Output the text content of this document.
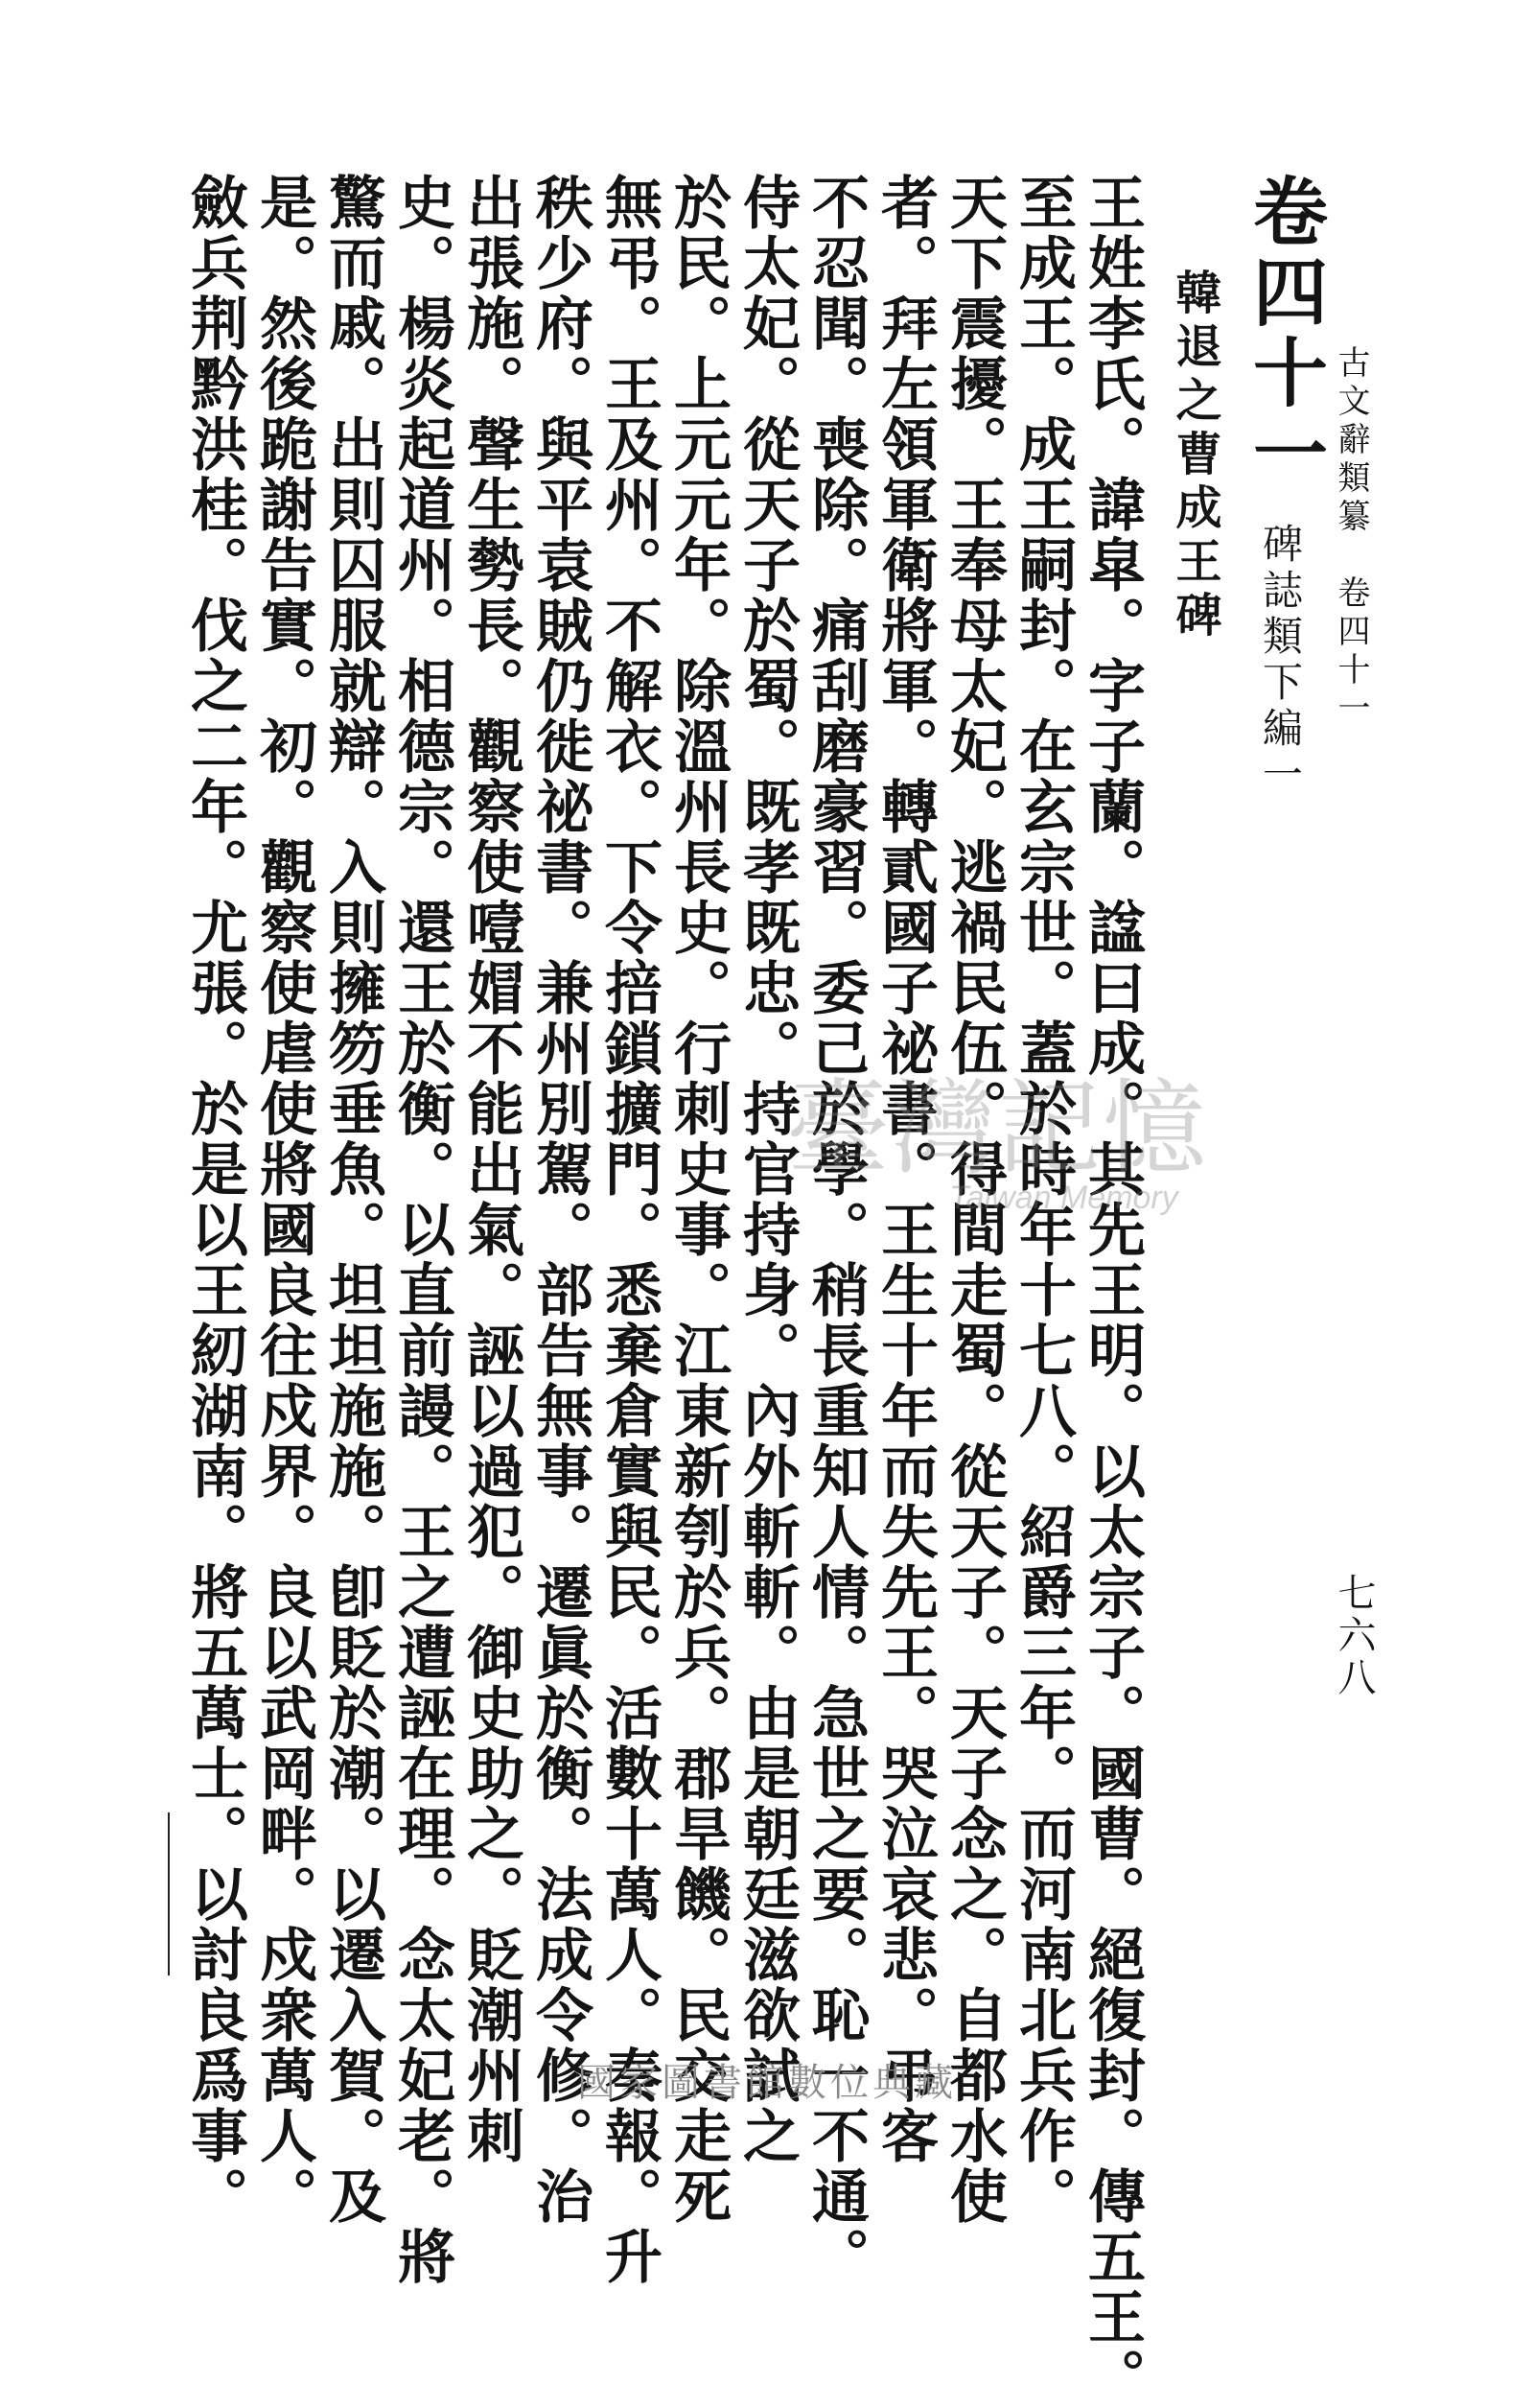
古文辭類纂　卷四十一
七六八
卷四十一
碑誌類下編一
韓退之曹成王碑
王姓李氏。諱皐。字子蘭。諡曰成。其先王明。以太宗子。國曹。絕復封。傳五王。
至成王。成王嗣封。在玄宗世。蓋於時年十七八。紹爵三年。而河南北兵作。
天下震擾。王奉母太妃。逃禍民伍。得間走蜀。從天子。天子念之。自都水使
者。拜左領軍衛將軍。轉貳國子祕書。王生十年而失先王。哭泣哀悲。弔客
不忍聞。喪除。痛刮磨豪習。委己於學。稍長重知人情。急世之要。恥一不通。
侍太妃。從天子於蜀。既孝既忠。持官持身。內外斬斬。由是朝廷滋欲試之
於民。上元元年。除溫州長史。行刺史事。江東新刳於兵。郡旱饑。民交走死
無弔。王及州。不解衣。下令掊鎖擴門。悉棄倉實與民。活數十萬人。奏報。升
秩少府。與平袁賊仍徙祕書。兼州別駕。部告無事。遷眞於衡。法成令修。治
出張施。聲生勢長。觀察使噎媢不能出氣。誣以過犯。御史助之。貶潮州刺
史。楊炎起道州。相德宗。還王於衡。以直前謾。王之遭誣在理。念太妃老。將
驚而戚。出則囚服就辯。入則擁笏垂魚。坦坦施施。卽貶於潮。以遷入賀。及
是。然後跪謝告實。初。觀察使虐使將國良往戍界。良以武岡畔。戍衆萬人。
斂兵荆黔洪桂。伐之二年。尤張。於是以王紉湖南。將五萬士。以討良爲事。	臺灣記憶
Taiwan Memory
國家圖書館數位典藏
